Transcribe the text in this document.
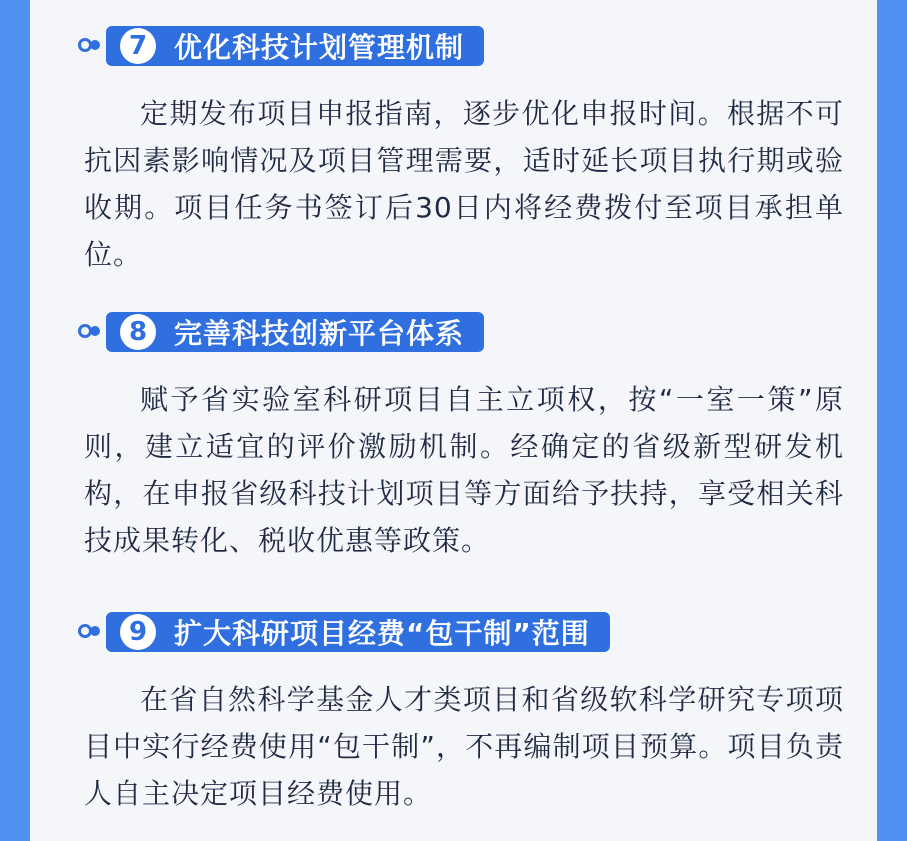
7 优化科技计划管理机制
定期发布项目申报指南，逐步优化申报时间。根据不可抗因素影响情况及项目管理需要，适时延长项目执行期或验收期。项目任务书签订后30日内将经费拨付至项目承担单位。
8 完善科技创新平台体系
赋予省实验室科研项目自主立项权，按“一室一策”原则，建立适宜的评价激励机制。经确定的省级新型研发机构，在申报省级科技计划项目等方面给予扶持，享受相关科技成果转化、税收优惠等政策。
9 扩大科研项目经费“包干制”范围
在省自然科学基金人才类项目和省级软科学研究专项项目中实行经费使用“包干制”，不再编制项目预算。项目负责人自主决定项目经费使用。
